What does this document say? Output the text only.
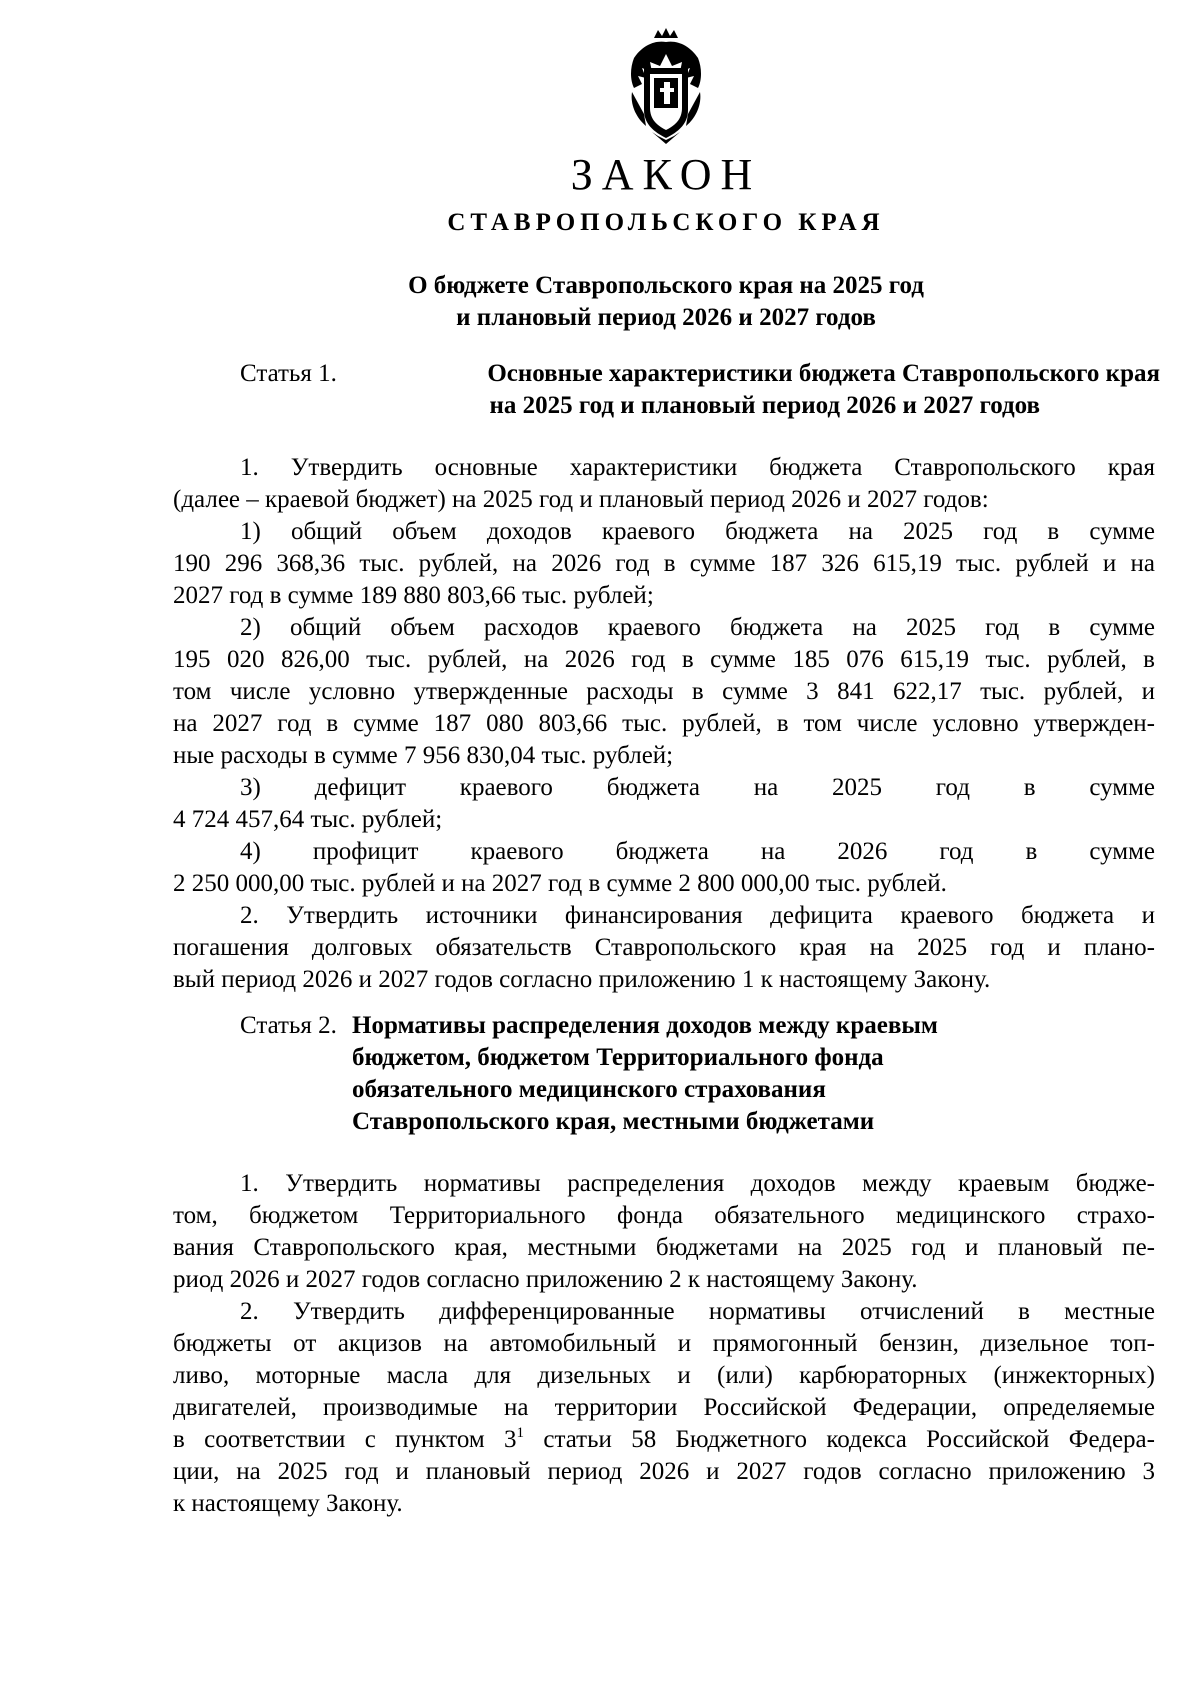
ЗАКОН
СТАВРОПОЛЬСКОГО КРАЯ
О бюджете Ставропольского края на 2025 год
и плановый период 2026 и 2027 годов
Статья 1.	Основные характеристики бюджета Ставропольского края
на 2025 год и плановый период 2026 и 2027 годов
1. Утвердить основные характеристики бюджета Ставропольского края
(далее – краевой бюджет) на 2025 год и плановый период 2026 и 2027 годов:
1) общий объем доходов краевого бюджета на 2025 год в сумме
190 296 368,36 тыс. рублей, на 2026 год в сумме 187 326 615,19 тыс. рублей и на
2027 год в сумме 189 880 803,66 тыс. рублей;
2) общий объем расходов краевого бюджета на 2025 год в сумме
195 020 826,00 тыс. рублей, на 2026 год в сумме 185 076 615,19 тыс. рублей, в
том числе условно утвержденные расходы в сумме 3 841 622,17 тыс. рублей, и
на 2027 год в сумме 187 080 803,66 тыс. рублей, в том числе условно утвержден-
ные расходы в сумме 7 956 830,04 тыс. рублей;
3) дефицит краевого бюджета на 2025 год в сумме
4 724 457,64 тыс. рублей;
4) профицит краевого бюджета на 2026 год в сумме
2 250 000,00 тыс. рублей и на 2027 год в сумме 2 800 000,00 тыс. рублей.
2. Утвердить источники финансирования дефицита краевого бюджета и
погашения долговых обязательств Ставропольского края на 2025 год и плано-
вый период 2026 и 2027 годов согласно приложению 1 к настоящему Закону.
Статья 2. Нормативы распределения доходов между краевым
бюджетом, бюджетом Территориального фонда
обязательного медицинского страхования
Ставропольского края, местными бюджетами
1. Утвердить нормативы распределения доходов между краевым бюдже-
том, бюджетом Территориального фонда обязательного медицинского страхо-
вания Ставропольского края, местными бюджетами на 2025 год и плановый пе-
риод 2026 и 2027 годов согласно приложению 2 к настоящему Закону.
2. Утвердить дифференцированные нормативы отчислений в местные
бюджеты от акцизов на автомобильный и прямогонный бензин, дизельное топ-
ливо, моторные масла для дизельных и (или) карбюраторных (инжекторных)
двигателей, производимые на территории Российской Федерации, определяемые
в соответствии с пунктом $3^1$ статьи 58 Бюджетного кодекса Российской Федера-
ции, на 2025 год и плановый период 2026 и 2027 годов согласно приложению 3
к настоящему Закону.
